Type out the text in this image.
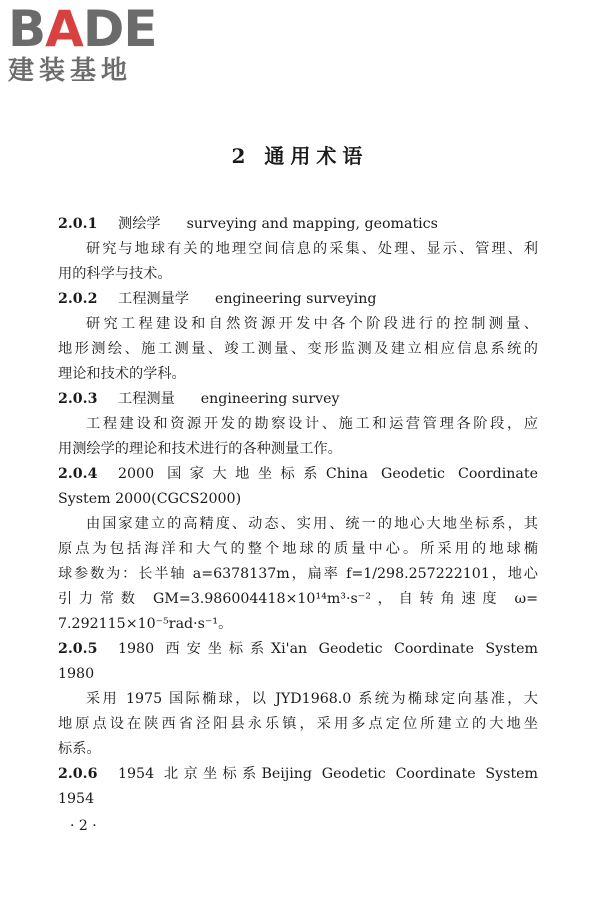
BADE
建装基地
2 通用术语
2.0.1 测绘学 surveying and mapping, geomatics
研究与地球有关的地理空间信息的采集、处理、显示、管理、利
用的科学与技术。
2.0.2 工程测量学 engineering surveying
研究工程建设和自然资源开发中各个阶段进行的控制测量、
地形测绘、施工测量、竣工测量、变形监测及建立相应信息系统的
理论和技术的学科。
2.0.3 工程测量 engineering survey
工程建设和资源开发的勘察设计、施工和运营管理各阶段，应
用测绘学的理论和技术进行的各种测量工作。
2.0.4 2000 国家大地坐标系China Geodetic Coordinate
System 2000(CGCS2000)
由国家建立的高精度、动态、实用、统一的地心大地坐标系，其
原点为包括海洋和大气的整个地球的质量中心。所采用的地球椭
球参数为：长半轴 a=6378137m，扁率 f=1/298.257222101，地心
引力常数 GM=3.986004418×10¹⁴m³·s⁻²，自转角速度 ω=
7.292115×10⁻⁵rad·s⁻¹。
2.0.5 1980 西安坐标系Xi'an Geodetic Coordinate System
1980
采用 1975 国际椭球，以 JYD1968.0 系统为椭球定向基准，大
地原点设在陕西省泾阳县永乐镇，采用多点定位所建立的大地坐
标系。
2.0.6 1954 北京坐标系Beijing Geodetic Coordinate System
1954
· 2 ·
